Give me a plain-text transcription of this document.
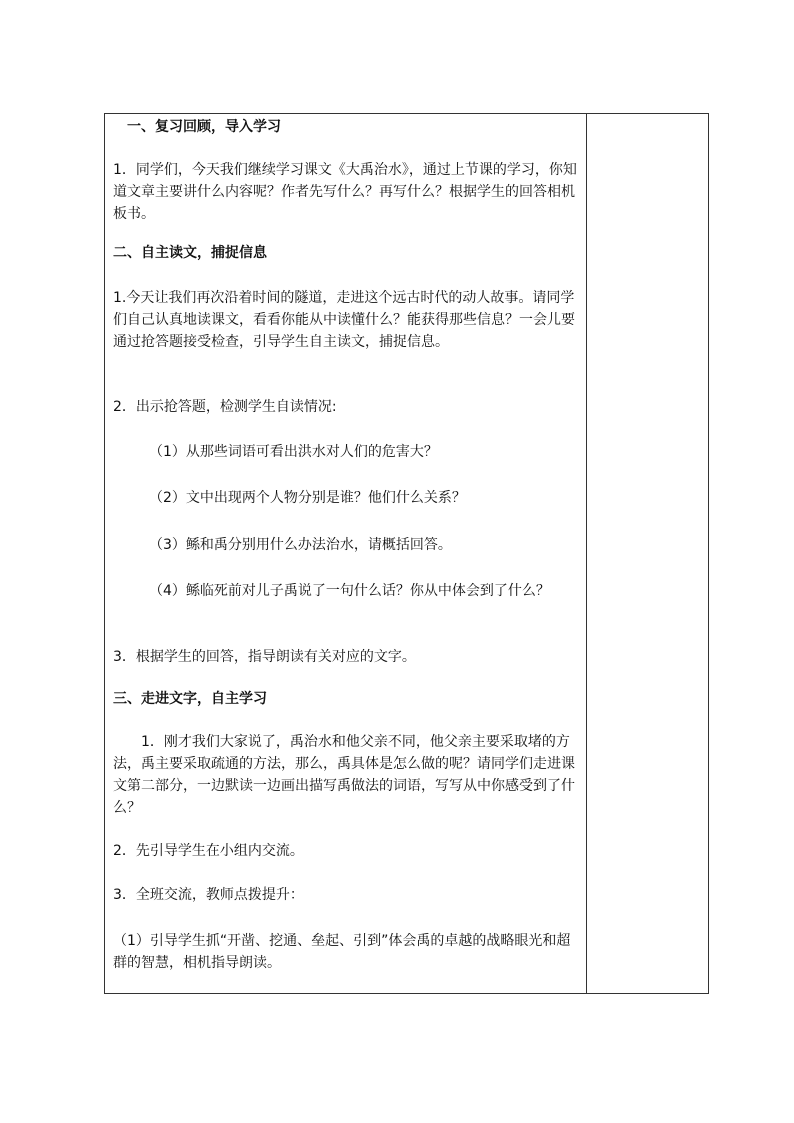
一、复习回顾，导入学习

1．同学们，今天我们继续学习课文《大禹治水》，通过上节课的学习，你知道文章主要讲什么内容呢？作者先写什么？再写什么？根据学生的回答相机板书。

二、自主读文，捕捉信息

1.今天让我们再次沿着时间的隧道，走进这个远古时代的动人故事。请同学们自己认真地读课文，看看你能从中读懂什么？能获得那些信息？一会儿要通过抢答题接受检查，引导学生自主读文，捕捉信息。

2．出示抢答题，检测学生自读情况:

（1）从那些词语可看出洪水对人们的危害大？

（2）文中出现两个人物分别是谁？他们什么关系？

（3）鲧和禹分别用什么办法治水，请概括回答。

（4）鲧临死前对儿子禹说了一句什么话？你从中体会到了什么？

3．根据学生的回答，指导朗读有关对应的文字。

三、走进文字，自主学习

1．刚才我们大家说了，禹治水和他父亲不同，他父亲主要采取堵的方法，禹主要采取疏通的方法，那么，禹具体是怎么做的呢？请同学们走进课文第二部分，一边默读一边画出描写禹做法的词语，写写从中你感受到了什么？

2．先引导学生在小组内交流。

3．全班交流，教师点拨提升：

（1）引导学生抓“开凿、挖通、垒起、引到”体会禹的卓越的战略眼光和超群的智慧，相机指导朗读。
